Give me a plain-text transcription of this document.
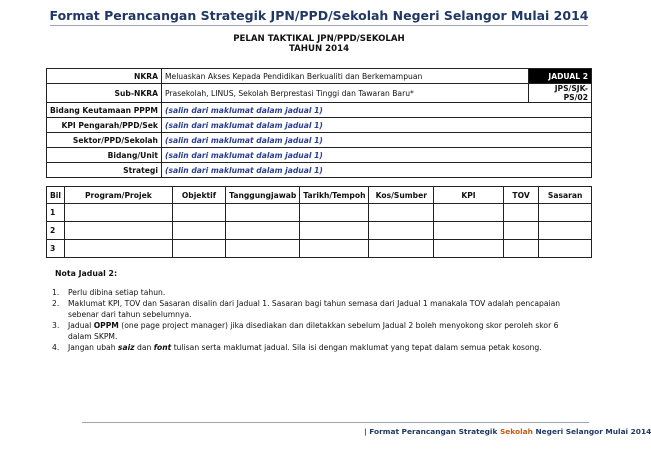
Format Perancangan Strategik JPN/PPD/Sekolah Negeri Selangor Mulai 2014
PELAN TAKTIKAL JPN/PPD/SEKOLAH
TAHUN 2014
NKRA	Meluaskan Akses Kepada Pendidikan Berkualiti dan Berkemampuan	JADUAL 2
Sub-NKRA	Prasekolah, LINUS, Sekolah Berprestasi Tinggi dan Tawaran Baru*	JPS/SJK-PS/02
Bidang Keutamaan PPPM	(salin dari maklumat dalam jadual 1)	
KPI Pengarah/PPD/Sek	(salin dari maklumat dalam jadual 1)	
Sektor/PPD/Sekolah	(salin dari maklumat dalam jadual 1)	
Bidang/Unit	(salin dari maklumat dalam jadual 1)	
Strategi	(salin dari maklumat dalam jadual 1)	
Bil	Program/Projek	Objektif	Tanggungjawab	Tarikh/Tempoh	Kos/Sumber	KPI	TOV	Sasaran
1								
2								
3								
Nota Jadual 2:
1. Perlu dibina setiap tahun.
2. Maklumat KPI, TOV dan Sasaran disalin dari Jadual 1. Sasaran bagi tahun semasa dari Jadual 1 manakala TOV adalah pencapaian sebenar dari tahun sebelumnya.
3. Jadual OPPM (one page project manager) jika disediakan dan diletakkan sebelum Jadual 2 boleh menyokong skor peroleh skor 6 dalam SKPM.
4. Jangan ubah saiz dan font tulisan serta maklumat jadual. Sila isi dengan maklumat yang tepat dalam semua petak kosong.
| Format Perancangan Strategik Sekolah Negeri Selangor Mulai 2014
